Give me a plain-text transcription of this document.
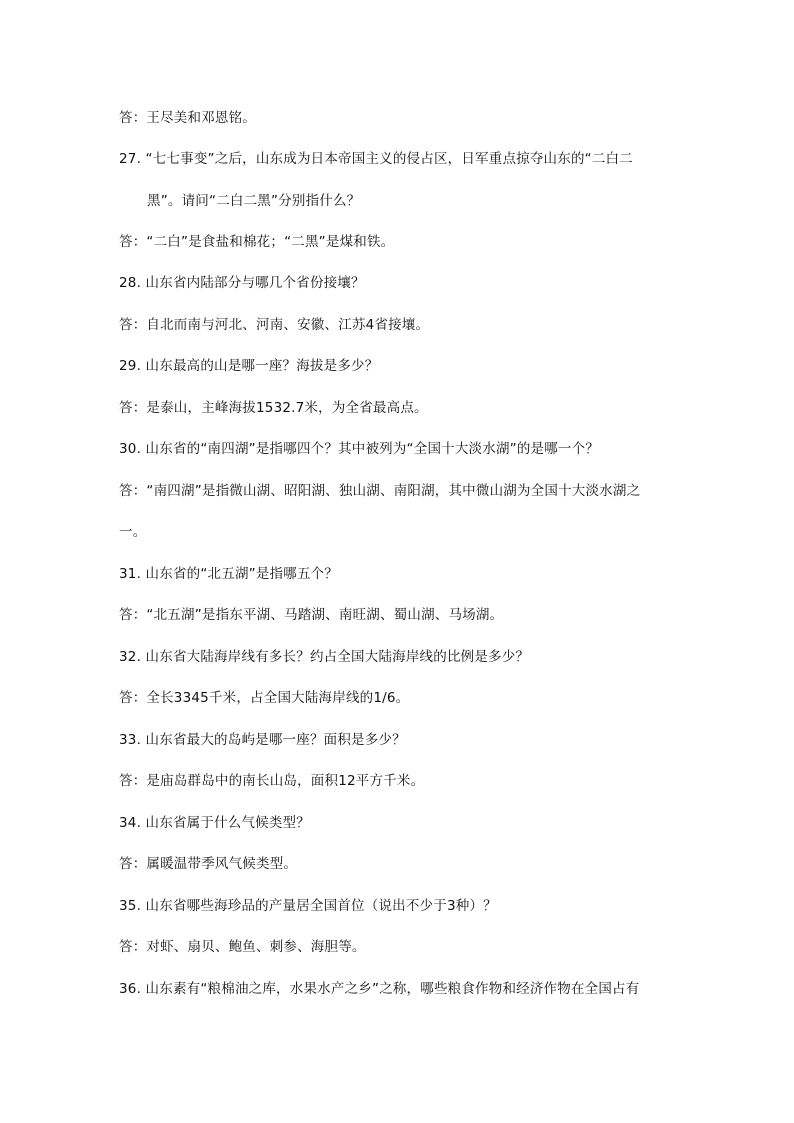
答：王尽美和邓恩铭。
27. “七七事变”之后，山东成为日本帝国主义的侵占区，日军重点掠夺山东的“二白二
黑”。请问“二白二黑”分别指什么？
答：“二白”是食盐和棉花；“二黑”是煤和铁。
28. 山东省内陆部分与哪几个省份接壤？
答：自北而南与河北、河南、安徽、江苏4省接壤。
29. 山东最高的山是哪一座？海拔是多少？
答：是泰山，主峰海拔1532.7米，为全省最高点。
30. 山东省的“南四湖”是指哪四个？其中被列为“全国十大淡水湖”的是哪一个？
答：“南四湖”是指微山湖、昭阳湖、独山湖、南阳湖，其中微山湖为全国十大淡水湖之
一。
31. 山东省的“北五湖”是指哪五个？
答：“北五湖”是指东平湖、马踏湖、南旺湖、蜀山湖、马场湖。
32. 山东省大陆海岸线有多长？约占全国大陆海岸线的比例是多少？
答：全长3345千米，占全国大陆海岸线的1/6。
33. 山东省最大的岛屿是哪一座？面积是多少？
答：是庙岛群岛中的南长山岛，面积12平方千米。
34. 山东省属于什么气候类型？
答：属暖温带季风气候类型。
35. 山东省哪些海珍品的产量居全国首位（说出不少于3种）？
答：对虾、扇贝、鲍鱼、刺参、海胆等。
36. 山东素有“粮棉油之库，水果水产之乡”之称，哪些粮食作物和经济作物在全国占有
